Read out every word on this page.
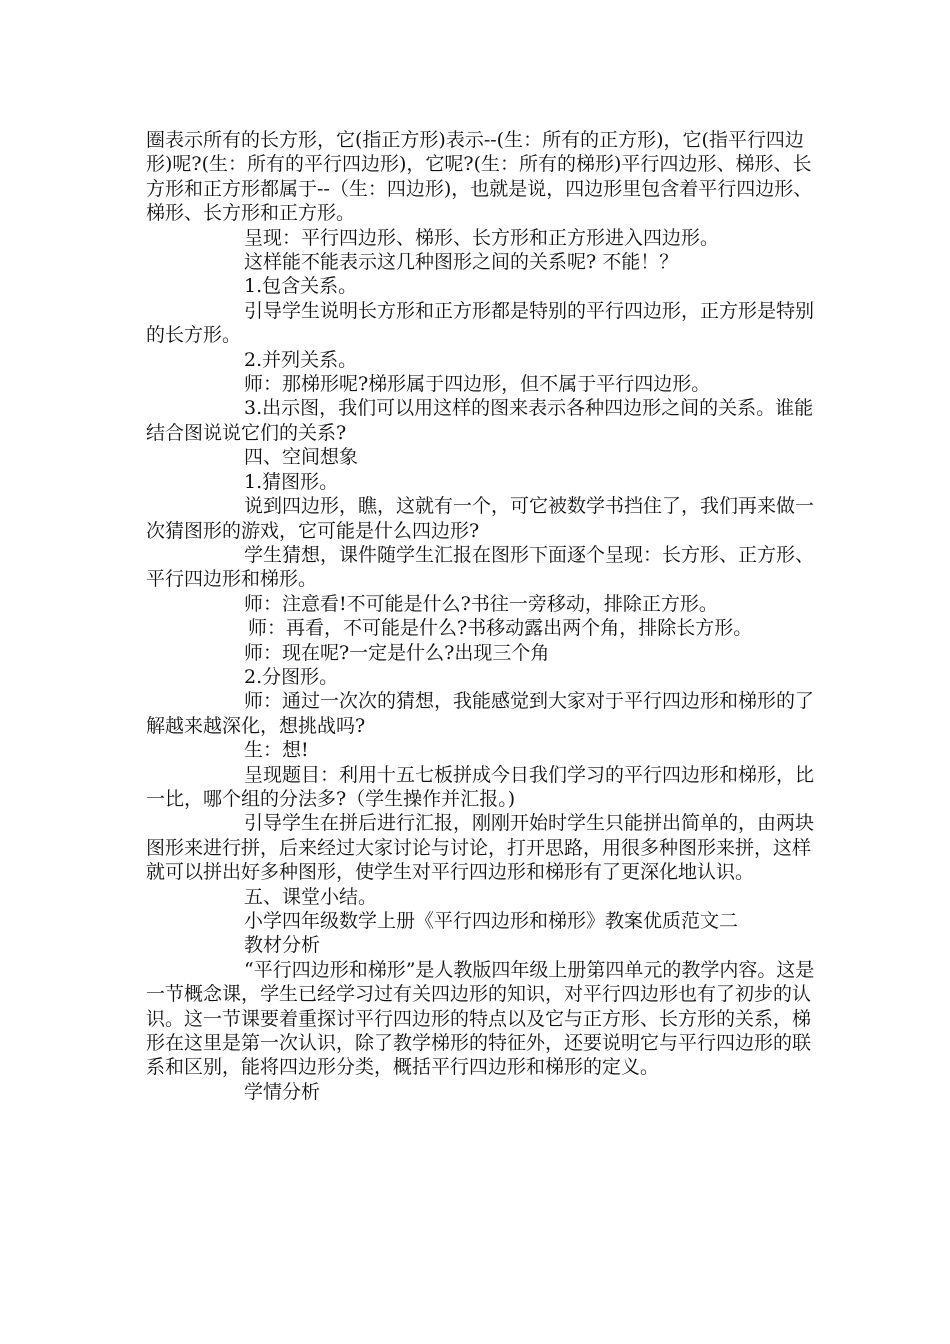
圈表示所有的长方形，它(指正方形)表示--(生：所有的正方形)，它(指平行四边形)呢?(生：所有的平行四边形)，它呢?(生：所有的梯形)平行四边形、梯形、长方形和正方形都属于--（生：四边形)，也就是说，四边形里包含着平行四边形、梯形、长方形和正方形。

呈现：平行四边形、梯形、长方形和正方形进入四边形。

这样能不能表示这几种图形之间的关系呢? 不能！？

1.包含关系。

引导学生说明长方形和正方形都是特别的平行四边形，正方形是特别的长方形。

2.并列关系。

师：那梯形呢?梯形属于四边形，但不属于平行四边形。

3.出示图，我们可以用这样的图来表示各种四边形之间的关系。谁能结合图说说它们的关系?

四、空间想象

1.猜图形。

说到四边形，瞧，这就有一个，可它被数学书挡住了，我们再来做一次猜图形的游戏，它可能是什么四边形?

学生猜想，课件随学生汇报在图形下面逐个呈现：长方形、正方形、平行四边形和梯形。

师：注意看!不可能是什么?书往一旁移动，排除正方形。

师：再看，不可能是什么?书移动露出两个角，排除长方形。

师：现在呢?一定是什么?出现三个角

2.分图形。

师：通过一次次的猜想，我能感觉到大家对于平行四边形和梯形的了解越来越深化，想挑战吗?

生：想!

呈现题目：利用十五七板拼成今日我们学习的平行四边形和梯形，比一比，哪个组的分法多?（学生操作并汇报。)

引导学生在拼后进行汇报，刚刚开始时学生只能拼出简单的，由两块图形来进行拼，后来经过大家讨论与讨论，打开思路，用很多种图形来拼，这样就可以拼出好多种图形，使学生对平行四边形和梯形有了更深化地认识。

五、课堂小结。

小学四年级数学上册《平行四边形和梯形》教案优质范文二

教材分析

“平行四边形和梯形”是人教版四年级上册第四单元的教学内容。这是一节概念课，学生已经学习过有关四边形的知识，对平行四边形也有了初步的认识。这一节课要着重探讨平行四边形的特点以及它与正方形、长方形的关系，梯形在这里是第一次认识，除了教学梯形的特征外，还要说明它与平行四边形的联系和区别，能将四边形分类，概括平行四边形和梯形的定义。

学情分析
